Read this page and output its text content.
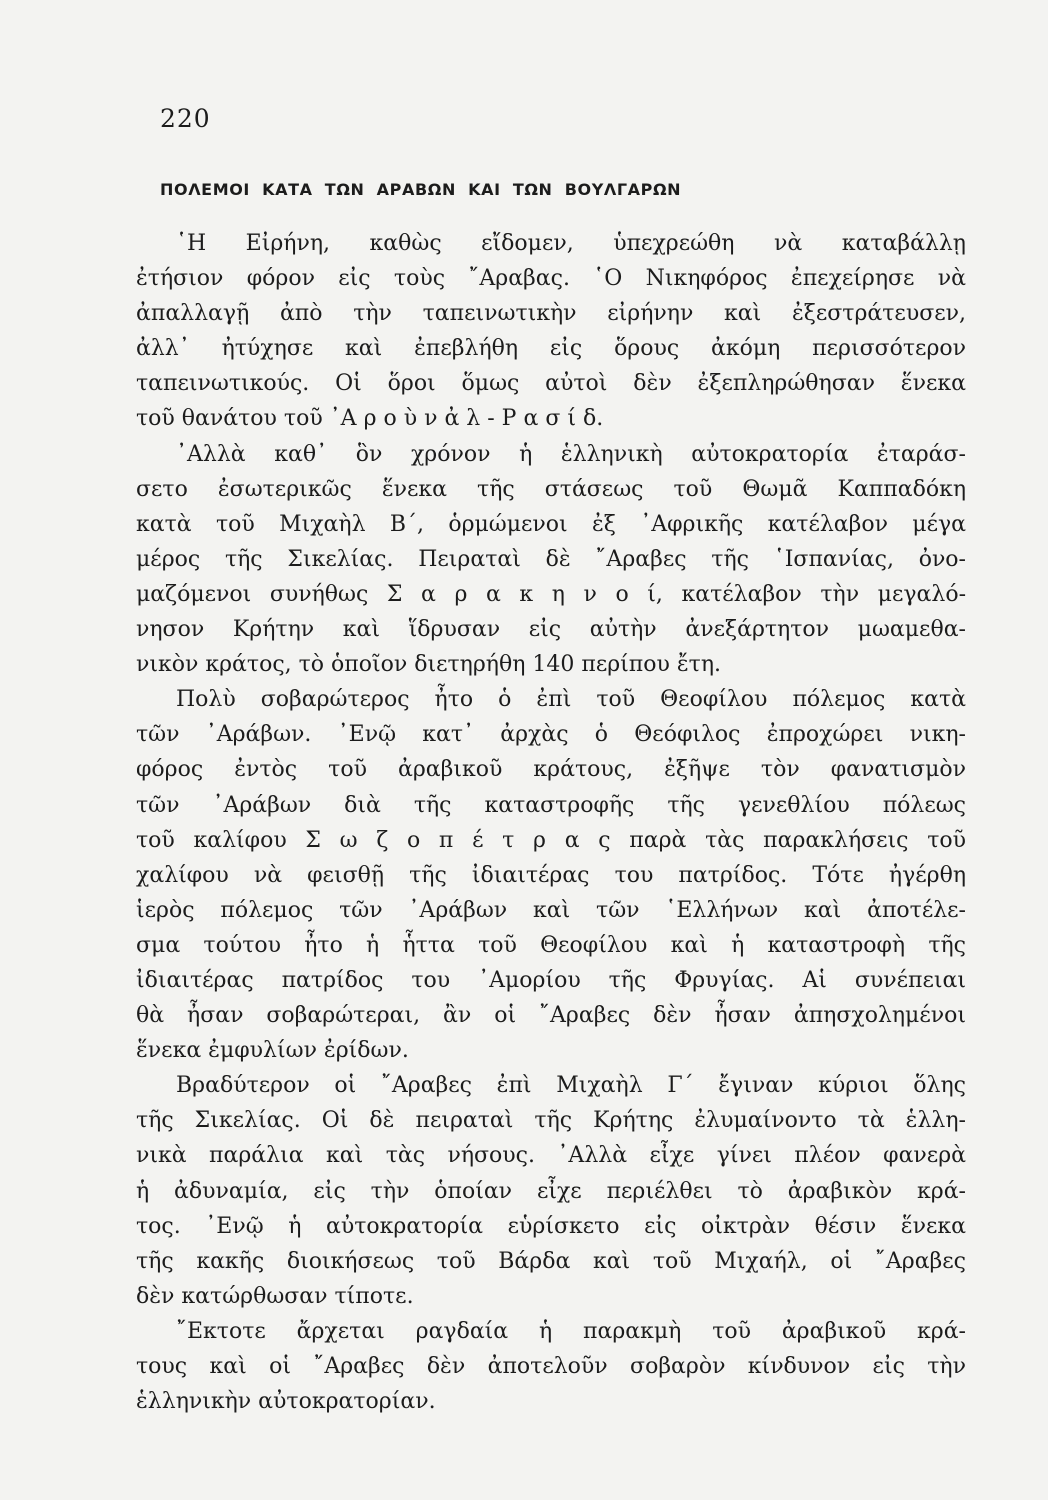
220
ΠΟΛΕΜΟΙ ΚΑΤΑ ΤΩΝ ΑΡΑΒΩΝ ΚΑΙ ΤΩΝ ΒΟΥΛΓΑΡΩΝ
῾Η Εἰρήνη, καθὼς εἴδομεν, ὑπεχρεώθη νὰ καταβάλλῃ
ἐτήσιον φόρον εἰς τοὺς ῎Αραβας. ῾Ο Νικηφόρος ἐπεχείρησε νὰ
ἀπαλλαγῇ ἀπὸ τὴν ταπεινωτικὴν εἰρήνην καὶ ἐξεστράτευσεν,
ἀλλ᾽ ἠτύχησε καὶ ἐπεβλήθη εἰς ὅρους ἀκόμη περισσότερον
ταπεινωτικούς. Οἱ ὅροι ὅμως αὐτοὶ δὲν ἐξεπληρώθησαν ἕνεκα
τοῦ θανάτου τοῦ ᾽Α ρ ο ὺ ν ἀ λ - Ρ α σ ί δ.
᾽Αλλὰ καθ᾽ ὃν χρόνον ἡ ἑλληνικὴ αὐτοκρατορία ἐταράσ-
σετο ἐσωτερικῶς ἕνεκα τῆς στάσεως τοῦ Θωμᾶ Καππαδόκη
κατὰ τοῦ Μιχαὴλ Β΄, ὁρμώμενοι ἐξ ᾽Αφρικῆς κατέλαβον μέγα
μέρος τῆς Σικελίας. Πειραταὶ δὲ ῎Αραβες τῆς ῾Ισπανίας, ὀνο-
μαζόμενοι συνήθως Σ α ρ α κ η ν ο ί, κατέλαβον τὴν μεγαλό-
νησον Κρήτην καὶ ἵδρυσαν εἰς αὐτὴν ἀνεξάρτητον μωαμεθα-
νικὸν κράτος, τὸ ὁποῖον διετηρήθη 140 περίπου ἔτη.
Πολὺ σοβαρώτερος ἦτο ὁ ἐπὶ τοῦ Θεοφίλου πόλεμος κατὰ
τῶν ᾽Αράβων. ᾽Ενῷ κατ᾽ ἀρχὰς ὁ Θεόφιλος ἐπροχώρει νικη-
φόρος ἐντὸς τοῦ ἀραβικοῦ κράτους, ἐξῆψε τὸν φανατισμὸν
τῶν ᾽Αράβων διὰ τῆς καταστροφῆς τῆς γενεθλίου πόλεως
τοῦ καλίφου Σ ω ζ ο π έ τ ρ α ς παρὰ τὰς παρακλήσεις τοῦ
χαλίφου νὰ φεισθῇ τῆς ἰδιαιτέρας του πατρίδος. Τότε ἠγέρθη
ἱερὸς πόλεμος τῶν ᾽Αράβων καὶ τῶν ῾Ελλήνων καὶ ἀποτέλε-
σμα τούτου ἦτο ἡ ἧττα τοῦ Θεοφίλου καὶ ἡ καταστροφὴ τῆς
ἰδιαιτέρας πατρίδος του ᾽Αμορίου τῆς Φρυγίας. Αἱ συνέπειαι
θὰ ἦσαν σοβαρώτεραι, ἂν οἱ ῎Αραβες δὲν ἦσαν ἀπησχολημένοι
ἕνεκα ἐμφυλίων ἐρίδων.
Βραδύτερον οἱ ῎Αραβες ἐπὶ Μιχαὴλ Γ΄ ἔγιναν κύριοι ὅλης
τῆς Σικελίας. Οἱ δὲ πειραταὶ τῆς Κρήτης ἐλυμαίνοντο τὰ ἑλλη-
νικὰ παράλια καὶ τὰς νήσους. ᾽Αλλὰ εἶχε γίνει πλέον φανερὰ
ἡ ἀδυναμία, εἰς τὴν ὁποίαν εἶχε περιέλθει τὸ ἀραβικὸν κρά-
τος. ᾽Ενῷ ἡ αὐτοκρατορία εὑρίσκετο εἰς οἰκτρὰν θέσιν ἕνεκα
τῆς κακῆς διοικήσεως τοῦ Βάρδα καὶ τοῦ Μιχαήλ, οἱ ῎Αραβες
δὲν κατώρθωσαν τίποτε.
῎Εκτοτε ἄρχεται ραγδαία ἡ παρακμὴ τοῦ ἀραβικοῦ κρά-
τους καὶ οἱ ῎Αραβες δὲν ἀποτελοῦν σοβαρὸν κίνδυνον εἰς τὴν
ἑλληνικὴν αὐτοκρατορίαν.
